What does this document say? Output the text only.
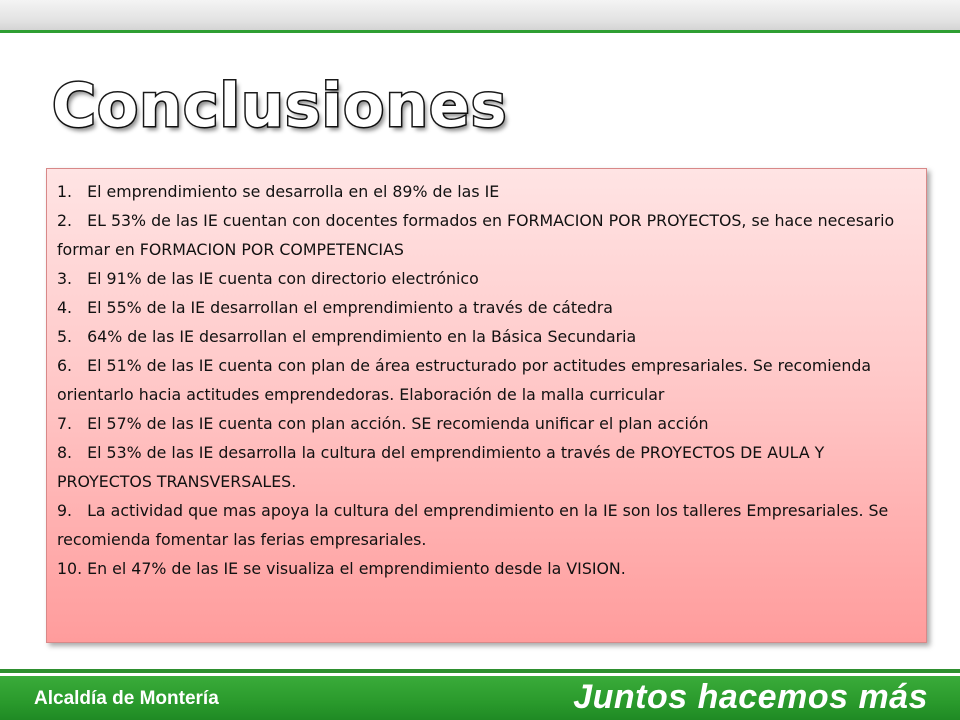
Conclusiones

1.   El emprendimiento se desarrolla en el 89% de las IE

2.   EL 53% de las IE cuentan con docentes formados en FORMACION POR PROYECTOS, se hace necesario formar en FORMACION POR COMPETENCIAS

3.   El 91% de las IE cuenta con directorio electrónico

4.   El 55% de la IE desarrollan el emprendimiento a través de cátedra

5.   64% de las IE desarrollan el emprendimiento en la Básica Secundaria

6.   El 51% de las IE cuenta con plan de área estructurado por actitudes empresariales. Se recomienda orientarlo hacia actitudes emprendedoras. Elaboración de la malla curricular

7.   El 57% de las IE cuenta con plan acción. SE recomienda unificar el plan acción

8.   El 53% de las IE desarrolla la cultura del emprendimiento a través de PROYECTOS DE AULA Y PROYECTOS TRANSVERSALES.

9.   La actividad que mas apoya la cultura del emprendimiento en la IE son los talleres Empresariales. Se recomienda fomentar las ferias empresariales.

10. En el 47% de las IE se visualiza el emprendimiento desde la VISION.

Alcaldía de Montería	Juntos hacemos más
